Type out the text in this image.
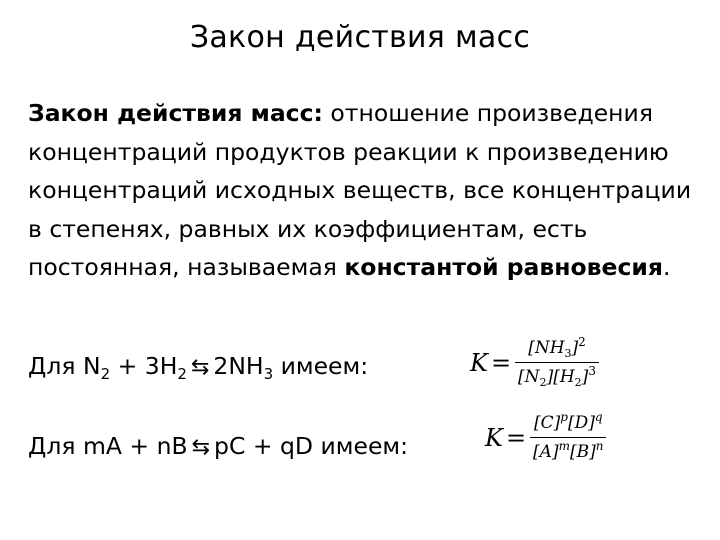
Закон действия масс
Закон действия масс: отношение произведения концентраций продуктов реакции к произведению концентраций исходных веществ, все концентрации в степенях, равных их коэффициентам, есть постоянная, называемая константой равновесия.
Для $N_2 + 3H_2$ ⇆ $2NH_3$ имеем:	$K = \frac{[NH_3]^2}{[N_2][H_2]^3}$
Для mA + nB ⇆ pC + qD имеем:	$K = \frac{[C]^p[D]^q}{[A]^m[B]^n}$
